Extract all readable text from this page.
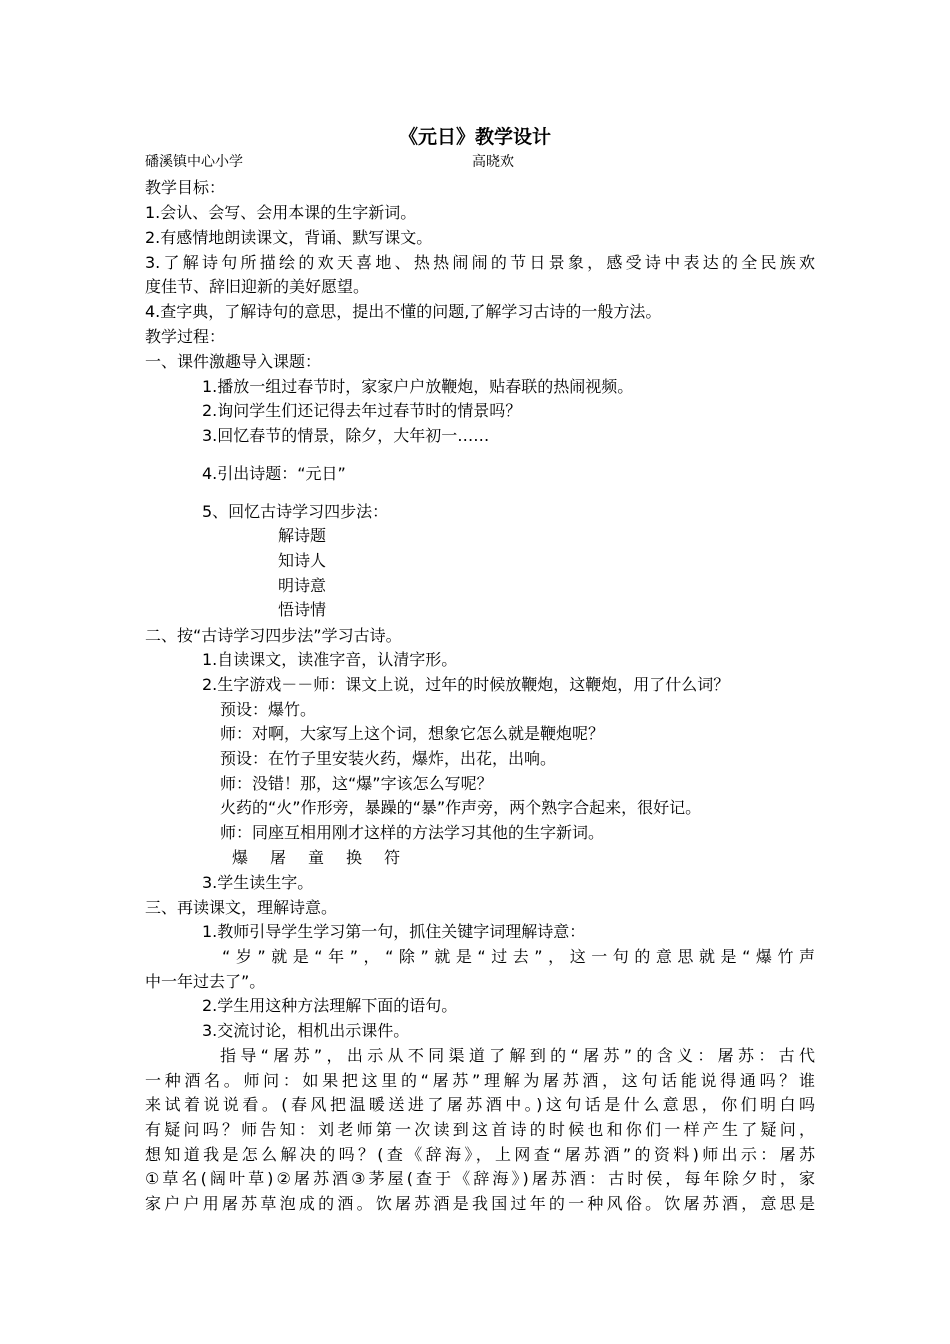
《元日》教学设计
磻溪镇中心小学	高晓欢
教学目标：
1.会认、会写、会用本课的生字新词。
2.有感情地朗读课文，背诵、默写课文。
3.了解诗句所描绘的欢天喜地、热热闹闹的节日景象，感受诗中表达的全民族欢
度佳节、辞旧迎新的美好愿望。
4.查字典，了解诗句的意思，提出不懂的问题,了解学习古诗的一般方法。
教学过程：
一、课件激趣导入课题：
1.播放一组过春节时，家家户户放鞭炮，贴春联的热闹视频。
2.询问学生们还记得去年过春节时的情景吗？
3.回忆春节的情景，除夕，大年初一……
4.引出诗题：“元日”
5、回忆古诗学习四步法：
解诗题
知诗人
明诗意
悟诗情
二、按“古诗学习四步法”学习古诗。
1.自读课文，读准字音，认清字形。
2.生字游戏－－师：课文上说，过年的时候放鞭炮，这鞭炮，用了什么词？
预设：爆竹。
师：对啊，大家写上这个词，想象它怎么就是鞭炮呢？
预设：在竹子里安装火药，爆炸，出花，出响。
师：没错！那，这“爆”字该怎么写呢？
火药的“火”作形旁，暴躁的“暴”作声旁，两个熟字合起来，很好记。
师：同座互相用刚才这样的方法学习其他的生字新词。
爆 屠 童 换 符
3.学生读生字。
三、再读课文，理解诗意。
1.教师引导学生学习第一句，抓住关键字词理解诗意：
“岁”就是“年”，“除”就是“过去”，这一句的意思就是“爆竹声
中一年过去了”。
2.学生用这种方法理解下面的语句。
3.交流讨论，相机出示课件。
指导“屠苏”，出示从不同渠道了解到的“屠苏”的含义：屠苏：古代
一种酒名。师问：如果把这里的“屠苏”理解为屠苏酒，这句话能说得通吗？谁
来试着说说看。(春风把温暖送进了屠苏酒中。)这句话是什么意思，你们明白吗
有疑问吗？师告知：刘老师第一次读到这首诗的时候也和你们一样产生了疑问，
想知道我是怎么解决的吗？(查《辞海》，上网查“屠苏酒”的资料)师出示：屠苏
①草名(阔叶草)②屠苏酒③茅屋(查于《辞海》)屠苏酒：古时侯，每年除夕时，家
家户户用屠苏草泡成的酒。饮屠苏酒是我国过年的一种风俗。饮屠苏酒，意思是
